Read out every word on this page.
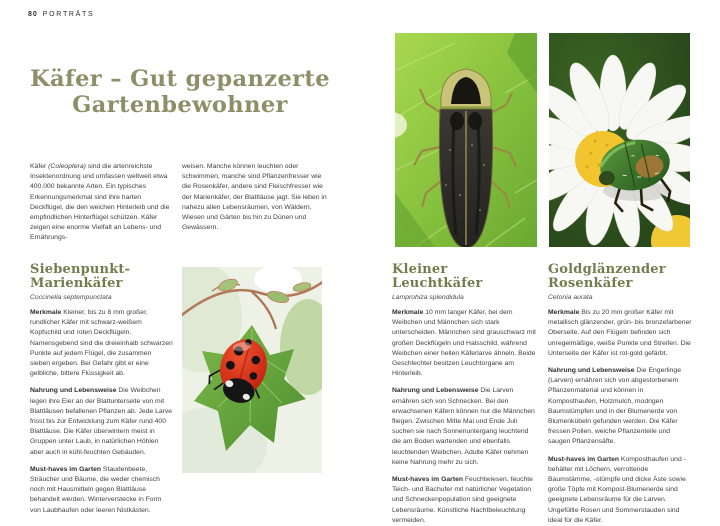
80 PORTRÄTS
Käfer – Gut gepanzerte
Gartenbewohner

Käfer (Coleoptera) sind die artenreichste Insektenordnung und umfassen weltweit etwa 400.000 bekannte Arten. Ein typisches Erkennungsmerkmal sind ihre harten Deckflügel, die den weichen Hinterleib und die empfindlichen Hinterflügel schützen. Käfer zeigen eine enorme Vielfalt an Lebens- und Ernährungs-

weisen. Manche können leuchten oder schwimmen, manche sind Pflanzenfresser wie die Rosenkäfer, andere sind Fleischfresser wie der Marienkäfer, der Blattläuse jagt. Sie leben in nahezu allen Lebensräumen, von Wäldern, Wiesen und Gärten bis hin zu Dünen und Gewässern.

Siebenpunkt-
Marienkäfer
Coccinella septempunctata

Merkmale Kleiner, bis zu 8 mm großer, rundlicher Käfer mit schwarz-weißem Kopfschild und roten Deckflügeln. Namensgebend sind die dreieinhalb schwarzen Punkte auf jedem Flügel, die zusammen sieben ergeben. Bei Gefahr gibt er eine gelbliche, bittere Flüssigkeit ab.

Nahrung und Lebensweise Die Weibchen legen ihre Eier an der Blattunterseite von mit Blattläusen befallenen Pflanzen ab. Jede Larve frisst bis zur Entwicklung zum Käfer rund 400 Blattläuse. Die Käfer überwintern meist in Gruppen unter Laub, in natürlichen Höhlen aber auch in kühl-feuchten Gebäuden.

Must-haves im Garten Staudenbeete, Sträucher und Bäume, die weder chemisch noch mit Hausmitteln gegen Blattläuse behandelt werden. Winterverstecke in Form von Laubhaufen oder leeren Nistkästen.

Kleiner Leuchtkäfer
Lamprohiza splendidula

Merkmale 10 mm langer Käfer, bei dem Weibchen und Männchen sich stark unterscheiden. Männchen sind grauschwarz mit großen Deckflügeln und Halsschild, während Weibchen einer hellen Käferlarve ähneln. Beide Geschlechter besitzen Leuchtorgane am Hinterleib.

Nahrung und Lebensweise Die Larven ernähren sich von Schnecken. Bei den erwachsenen Käfern können nur die Männchen fliegen. Zwischen Mitte Mai und Ende Juli suchen sie nach Sonnenuntergang leuchtend die am Boden wartenden und ebenfalls leuchtenden Weibchen. Adulte Käfer nehmen keine Nahrung mehr zu sich.

Must-haves im Garten Feuchtwiesen, feuchte Teich- und Bachufer mit natürlicher Vegetation und Schneckenpopulation sind geeignete Lebensräume. Künstliche Nachtbeleuchtung vermeiden.

Goldglänzender
Rosenkäfer
Cetonia aurata

Merkmale Bis zu 20 mm großer Käfer mit metallisch glänzender, grün- bis bronzefarbener Oberseite. Auf den Flügeln befinden sich unregelmäßige, weiße Punkte und Streifen. Die Unterseite der Käfer ist rot-gold gefärbt.

Nahrung und Lebensweise Die Engerlinge (Larven) ernähren sich von abgestorbenem Pflanzenmaterial und können in Komposthaufen, Holzmulch, modrigen Baumstümpfen und in der Blumenerde von Blumenkübeln gefunden werden. Die Käfer fressen Pollen, weiche Pflanzenteile und saugen Pflanzensäfte.

Must-haves im Garten Komposthaufen und -behälter mit Löchern, verrottende Baumstämme, -stümpfe und dicke Äste sowie große Töpfe mit Kompost-Blumenerde sind geeignete Lebensräume für die Larven. Ungefüllte Rosen und Sommerstauden sind ideal für die Käfer.
